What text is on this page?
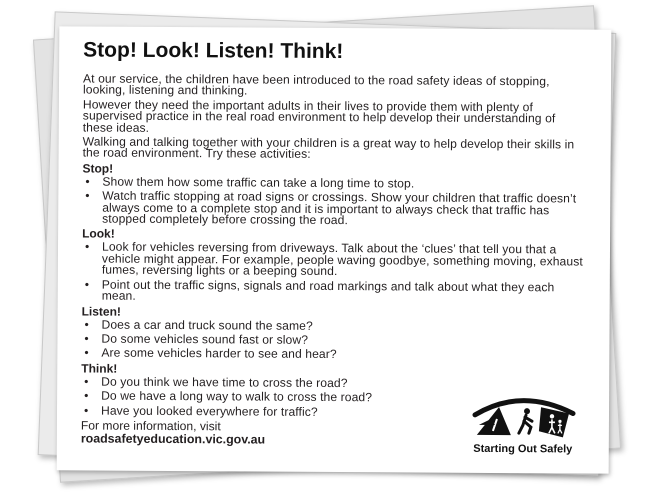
Stop! Look! Listen! Think!

At our service, the children have been introduced to the road safety ideas of stopping, looking, listening and thinking.

However they need the important adults in their lives to provide them with plenty of supervised practice in the real road environment to help develop their understanding of these ideas.

Walking and talking together with your children is a great way to help develop their skills in the road environment. Try these activities:

Stop!
• Show them how some traffic can take a long time to stop.
• Watch traffic stopping at road signs or crossings. Show your children that traffic doesn’t always come to a complete stop and it is important to always check that traffic has stopped completely before crossing the road.
Look!
• Look for vehicles reversing from driveways. Talk about the ‘clues’ that tell you that a vehicle might appear. For example, people waving goodbye, something moving, exhaust fumes, reversing lights or a beeping sound.
• Point out the traffic signs, signals and road markings and talk about what they each mean.
Listen!
• Does a car and truck sound the same?
• Do some vehicles sound fast or slow?
• Are some vehicles harder to see and hear?
Think!
• Do you think we have time to cross the road?
• Do we have a long way to walk to cross the road?
• Have you looked everywhere for traffic?
For more information, visit
roadsafetyeducation.vic.gov.au
Starting Out Safely
